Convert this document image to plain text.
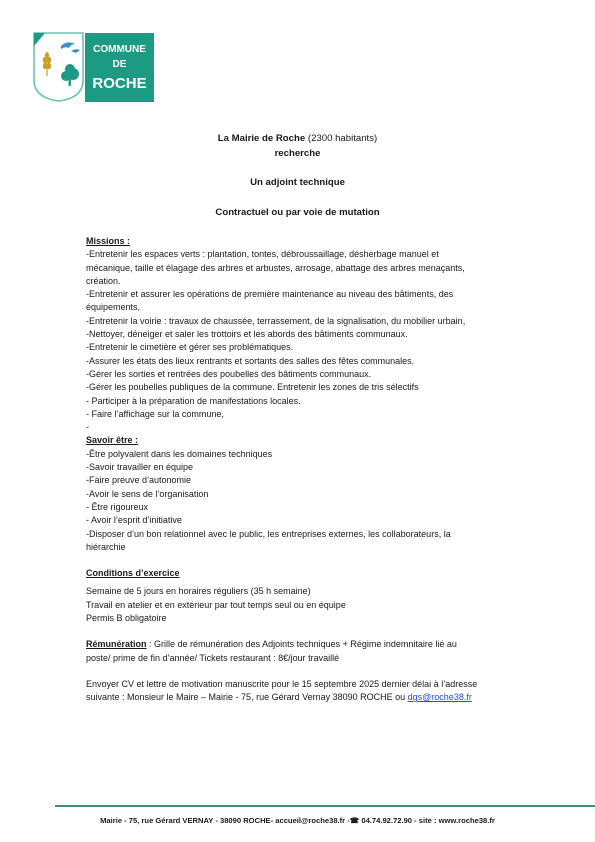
COMMUNE
DE
ROCHE
La Mairie de Roche (2300 habitants)
recherche
Un adjoint technique
Contractuel ou par voie de mutation
Missions :
-Entretenir les espaces verts : plantation, tontes, débroussaillage, désherbage manuel et
mécanique, taille et élagage des arbres et arbustes, arrosage, abattage des arbres menaçants,
création.
-Entretenir et assurer les opérations de première maintenance au niveau des bâtiments, des
équipements,
-Entretenir la voirie : travaux de chaussée, terrassement, de la signalisation, du mobilier urbain,
-Nettoyer, déneiger et saler les trottoirs et les abords des bâtiments communaux.
-Entretenir le cimetière et gérer ses problématiques.
-Assurer les états des lieux rentrants et sortants des salles des fêtes communales.
-Gérer les sorties et rentrées des poubelles des bâtiments communaux.
-Gérer les poubelles publiques de la commune. Entretenir les zones de tris sélectifs
- Participer à la préparation de manifestations locales.
- Faire l’affichage sur la commune,
-
Savoir être :
-Être polyvalent dans les domaines techniques
-Savoir travailler en équipe
-Faire preuve d’autonomie
-Avoir le sens de l’organisation
- Être rigoureux
- Avoir l’esprit d’initiative
-Disposer d’un bon relationnel avec le public, les entreprises externes, les collaborateurs, la
hiérarchie
Conditions d’exercice
Semaine de 5 jours en horaires réguliers (35 h semaine)
Travail en atelier et en extérieur par tout temps seul ou en équipe
Permis B obligatoire
Rémunération : Grille de rémunération des Adjoints techniques + Régime indemnitaire lié au
poste/ prime de fin d’année/ Tickets restaurant : 8€/jour travaillé
Envoyer CV et lettre de motivation manuscrite pour le 15 septembre 2025 dernier délai à l’adresse
suivante : Monsieur le Maire – Mairie - 75, rue Gérard Vernay 38090 ROCHE ou dgs@roche38.fr
Mairie - 75, rue Gérard VERNAY - 38090 ROCHE- accueil@roche38.fr -☎ 04.74.92.72.90 - site : www.roche38.fr
